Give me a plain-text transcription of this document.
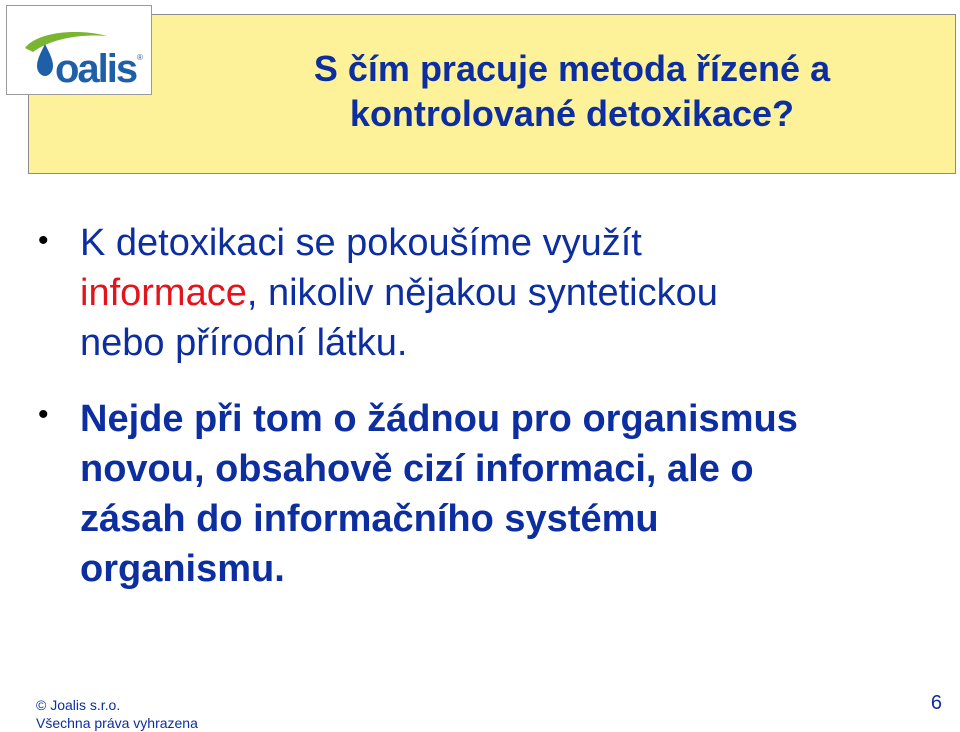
oalis ®	S čím pracuje metoda řízené a
kontrolované detoxikace?
• K detoxikaci se pokoušíme využít
informace, nikoliv nějakou syntetickou
nebo přírodní látku.
• Nejde při tom o žádnou pro organismus
novou, obsahově cizí informaci, ale o
zásah do informačního systému
organismu.
© Joalis s.r.o.
Všechna práva vyhrazena
6
